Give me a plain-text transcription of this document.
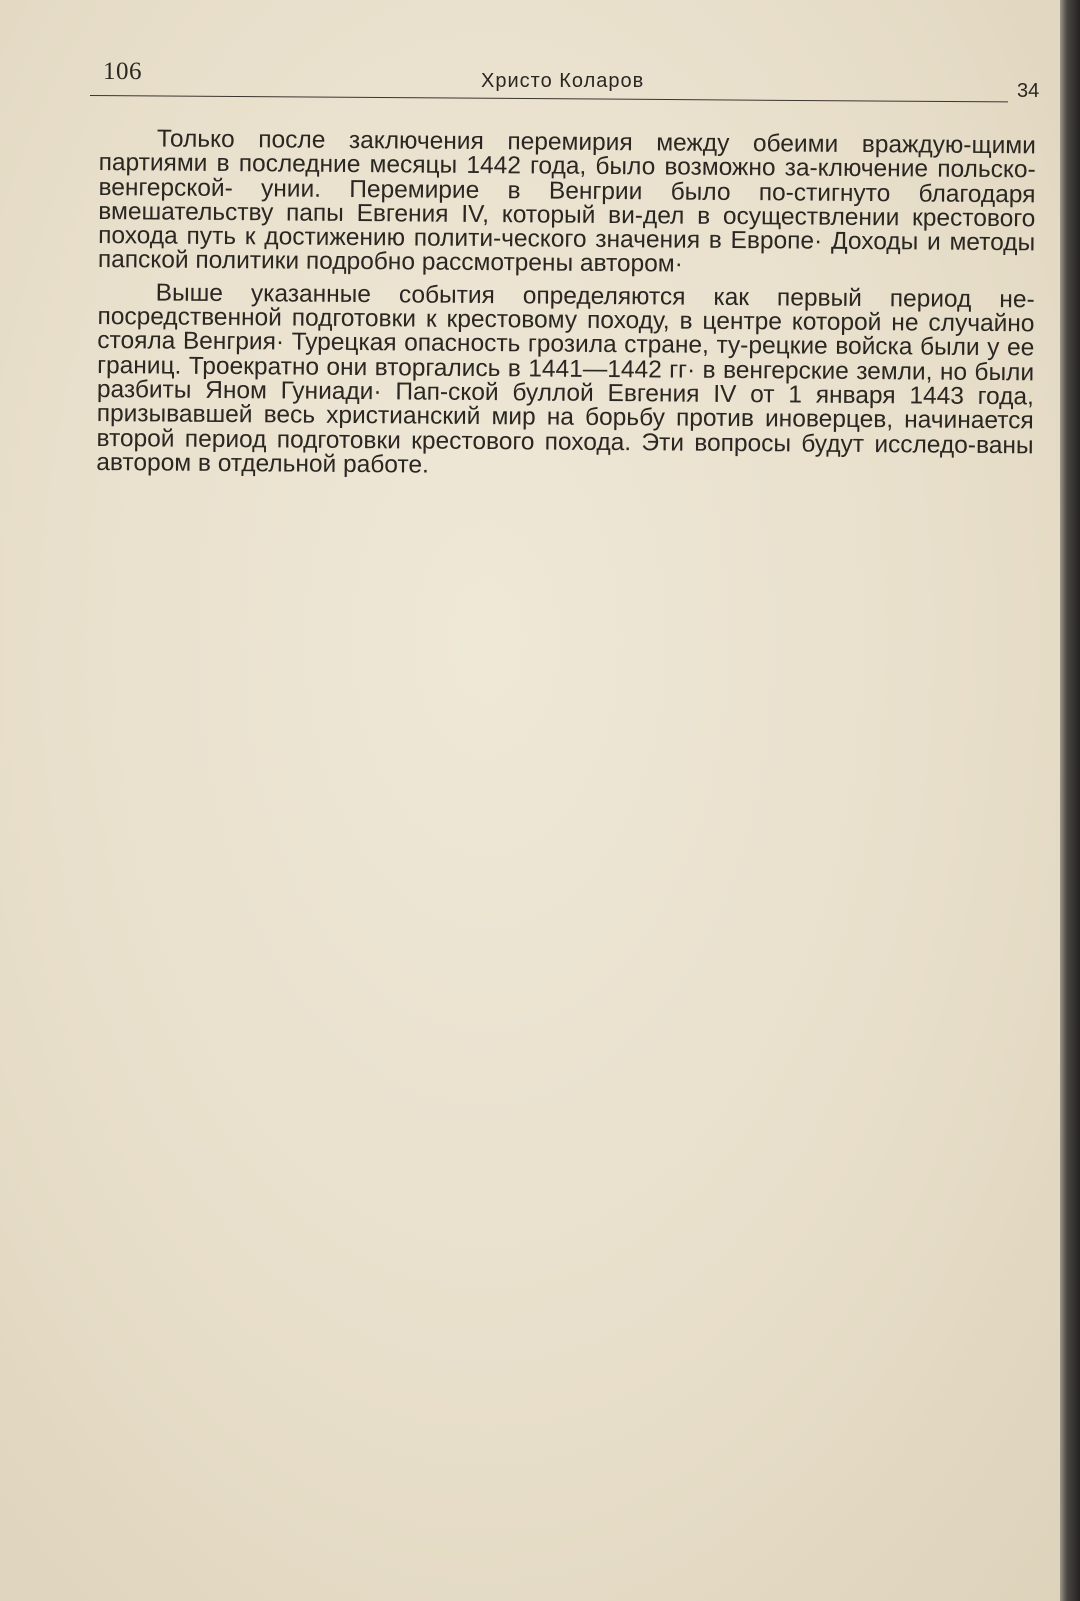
106	Христо Коларов	34

Только после заключения перемирия между обеими враждую-щими партиями в последние месяцы 1442 года, было возможно за-ключение польско-венгерской- унии. Перемирие в Венгрии было по-стигнуто благодаря вмешательству папы Евгения IV, который ви-дел в осуществлении крестового похода путь к достижению полити-ческого значения в Европе· Доходы и методы папской политики подробно рассмотрены автором·

Выше указанные события определяются как первый период не-посредственной подготовки к крестовому походу, в центре которой не случайно стояла Венгрия· Турецкая опасность грозила стране, ту-рецкие войска были у ее границ. Троекратно они вторгались в 1441—1442 гг· в венгерские земли, но были разбиты Яном Гуниади· Пап-ской буллой Евгения IV от 1 января 1443 года, призывавшей весь христианский мир на борьбу против иноверцев, начинается второй период подготовки крестового похода. Эти вопросы будут исследо-ваны автором в отдельной работе.
